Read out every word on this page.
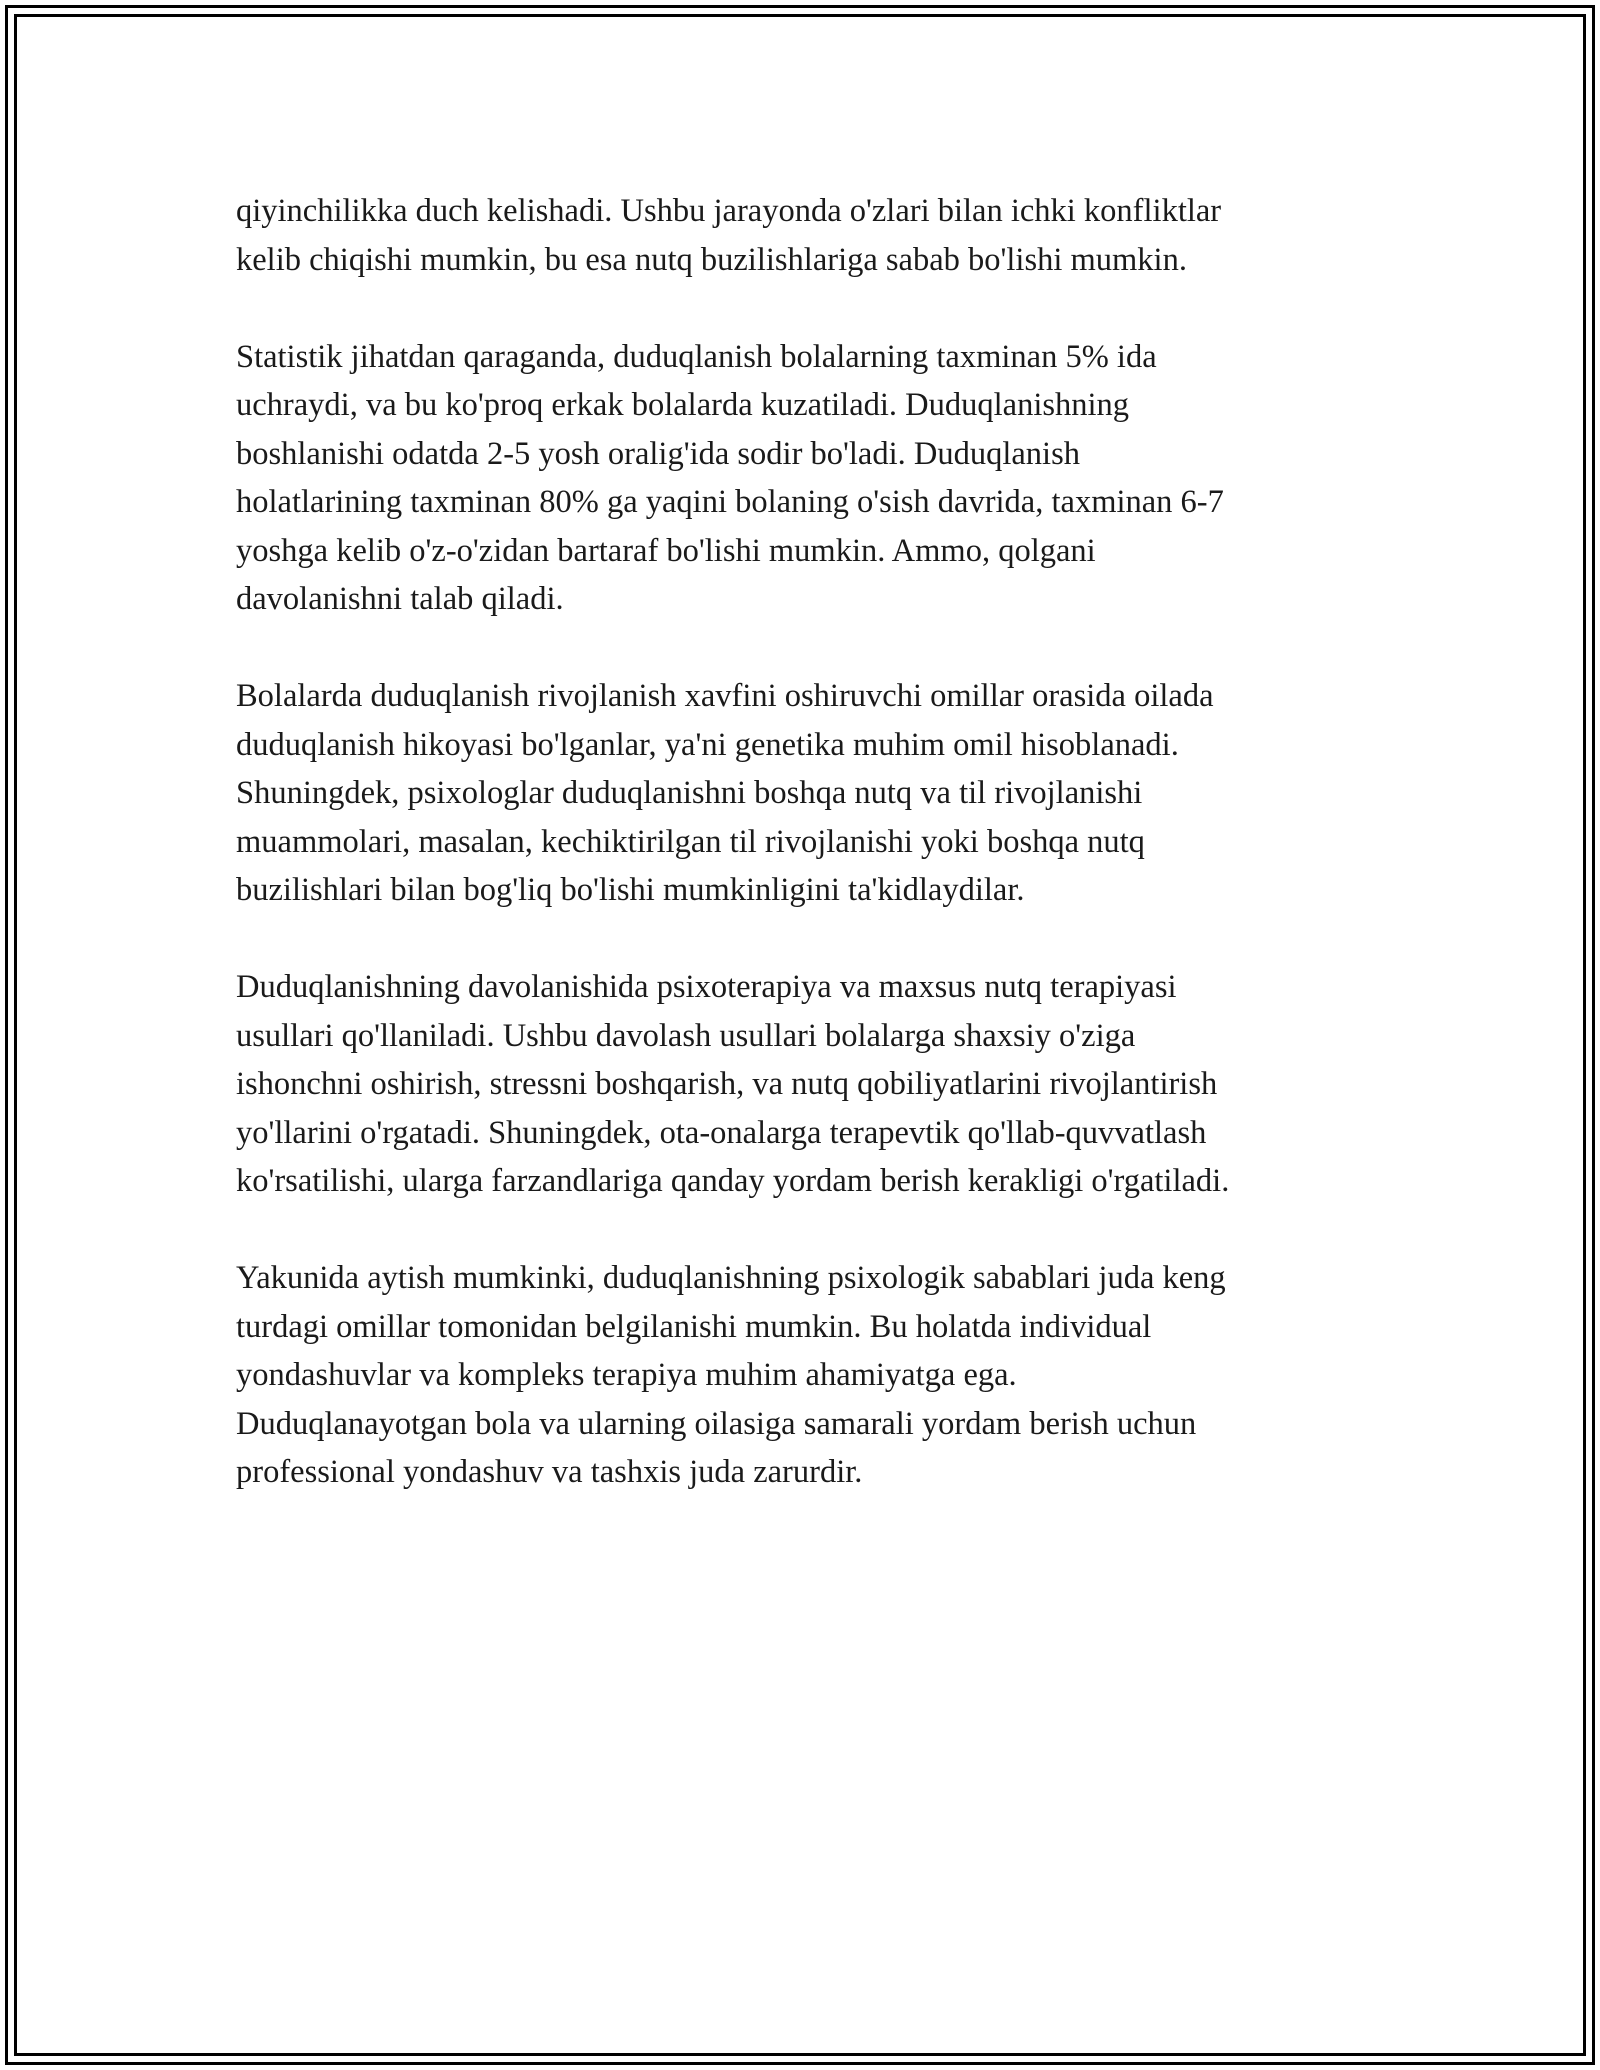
qiyinchilikka duch kelishadi. Ushbu jarayonda o'zlari bilan ichki konfliktlar
kelib chiqishi mumkin, bu esa nutq buzilishlariga sabab bo'lishi mumkin.

Statistik jihatdan qaraganda, duduqlanish bolalarning taxminan 5% ida
uchraydi, va bu ko'proq erkak bolalarda kuzatiladi. Duduqlanishning
boshlanishi odatda 2-5 yosh oralig'ida sodir bo'ladi. Duduqlanish
holatlarining taxminan 80% ga yaqini bolaning o'sish davrida, taxminan 6-7
yoshga kelib o'z-o'zidan bartaraf bo'lishi mumkin. Ammo, qolgani
davolanishni talab qiladi.

Bolalarda duduqlanish rivojlanish xavfini oshiruvchi omillar orasida oilada
duduqlanish hikoyasi bo'lganlar, ya'ni genetika muhim omil hisoblanadi.
Shuningdek, psixologlar duduqlanishni boshqa nutq va til rivojlanishi
muammolari, masalan, kechiktirilgan til rivojlanishi yoki boshqa nutq
buzilishlari bilan bog'liq bo'lishi mumkinligini ta'kidlaydilar.

Duduqlanishning davolanishida psixoterapiya va maxsus nutq terapiyasi
usullari qo'llaniladi. Ushbu davolash usullari bolalarga shaxsiy o'ziga
ishonchni oshirish, stressni boshqarish, va nutq qobiliyatlarini rivojlantirish
yo'llarini o'rgatadi. Shuningdek, ota-onalarga terapevtik qo'llab-quvvatlash
ko'rsatilishi, ularga farzandlariga qanday yordam berish kerakligi o'rgatiladi.

Yakunida aytish mumkinki, duduqlanishning psixologik sabablari juda keng
turdagi omillar tomonidan belgilanishi mumkin. Bu holatda individual
yondashuvlar va kompleks terapiya muhim ahamiyatga ega.
Duduqlanayotgan bola va ularning oilasiga samarali yordam berish uchun
professional yondashuv va tashxis juda zarurdir.
